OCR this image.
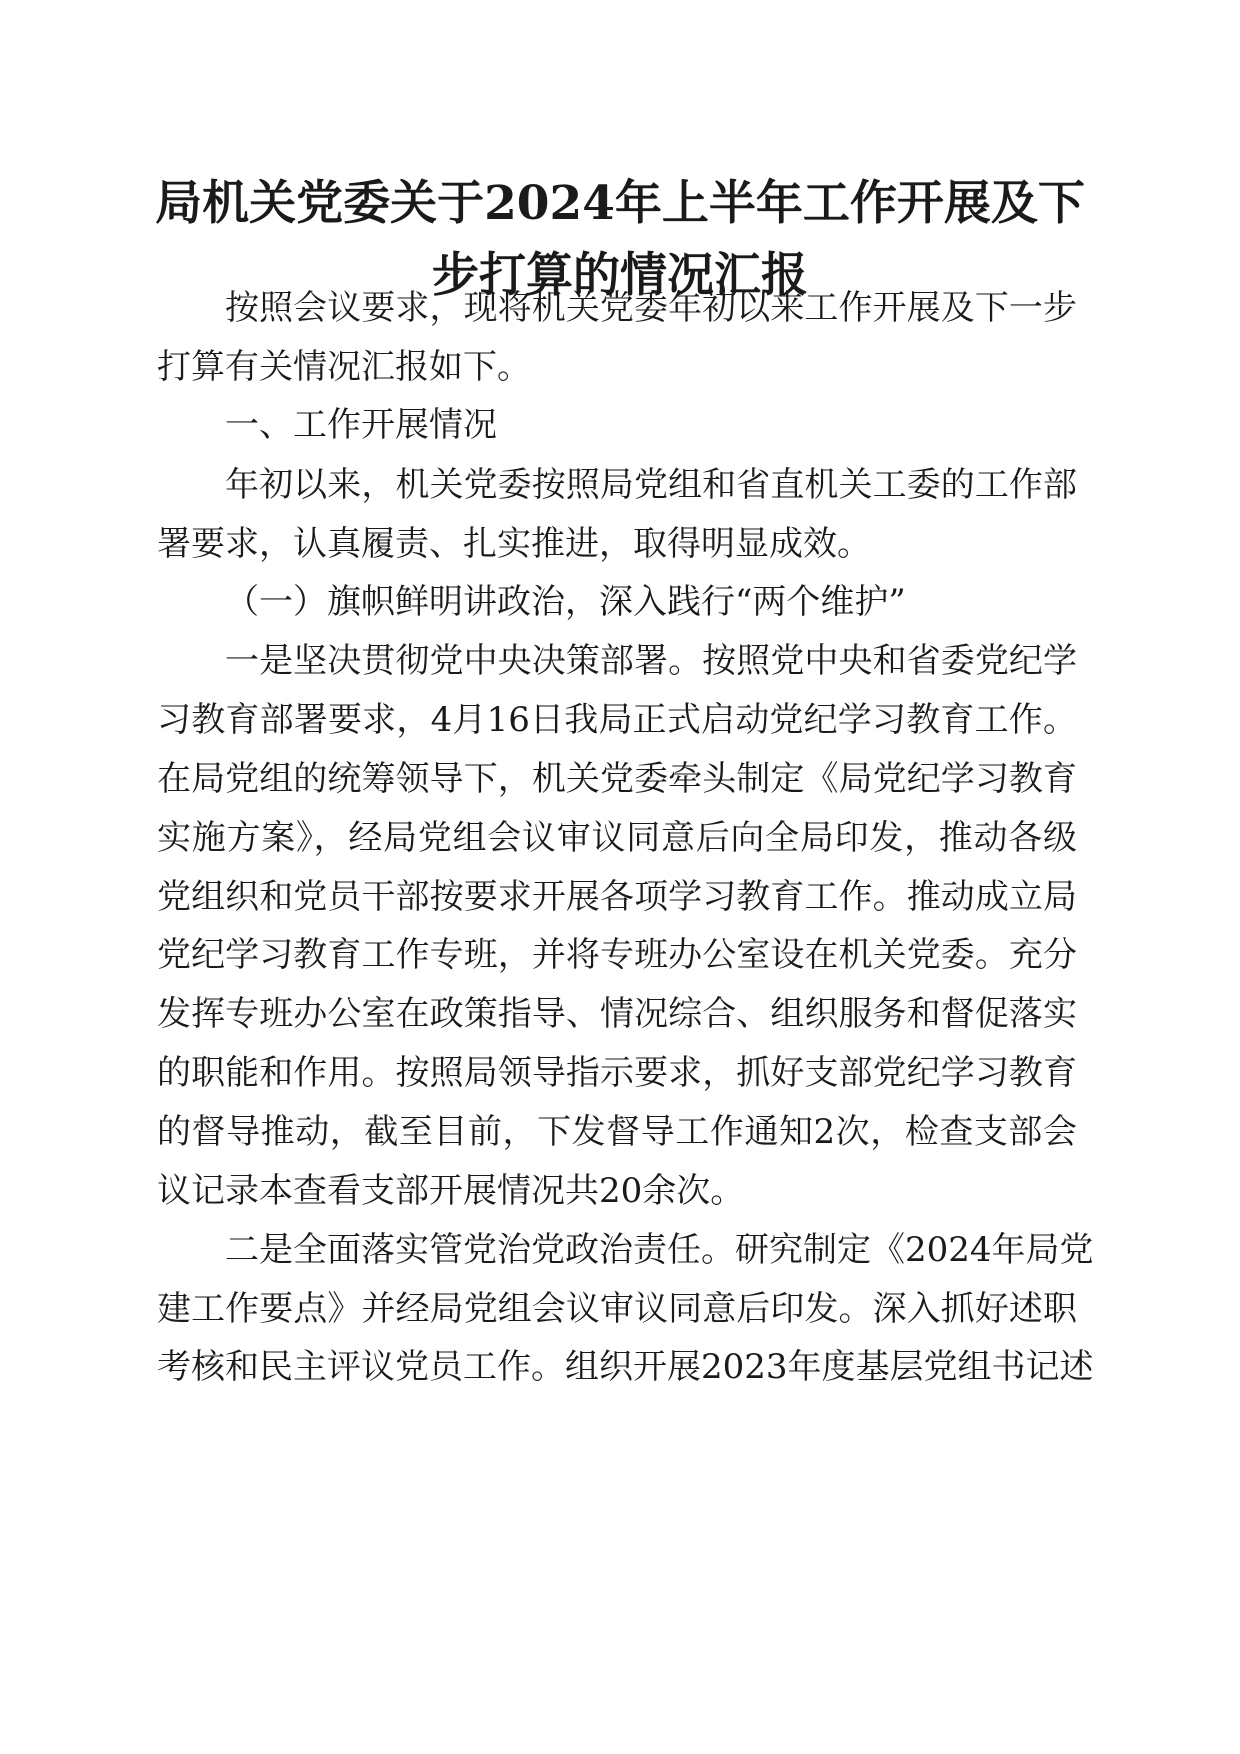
局机关党委关于2024年上半年工作开展及下
步打算的情况汇报

按照会议要求，现将机关党委年初以来工作开展及下一步

打算有关情况汇报如下。

一、工作开展情况

年初以来，机关党委按照局党组和省直机关工委的工作部

署要求，认真履责、扎实推进，取得明显成效。

（一）旗帜鲜明讲政治，深入践行“两个维护”

一是坚决贯彻党中央决策部署。按照党中央和省委党纪学

习教育部署要求，4月16日我局正式启动党纪学习教育工作。

在局党组的统筹领导下，机关党委牵头制定《局党纪学习教育

实施方案》，经局党组会议审议同意后向全局印发，推动各级

党组织和党员干部按要求开展各项学习教育工作。推动成立局

党纪学习教育工作专班，并将专班办公室设在机关党委。充分

发挥专班办公室在政策指导、情况综合、组织服务和督促落实

的职能和作用。按照局领导指示要求，抓好支部党纪学习教育

的督导推动，截至目前，下发督导工作通知2次，检查支部会

议记录本查看支部开展情况共20余次。

二是全面落实管党治党政治责任。研究制定《2024年局党

建工作要点》并经局党组会议审议同意后印发。深入抓好述职

考核和民主评议党员工作。组织开展2023年度基层党组书记述
